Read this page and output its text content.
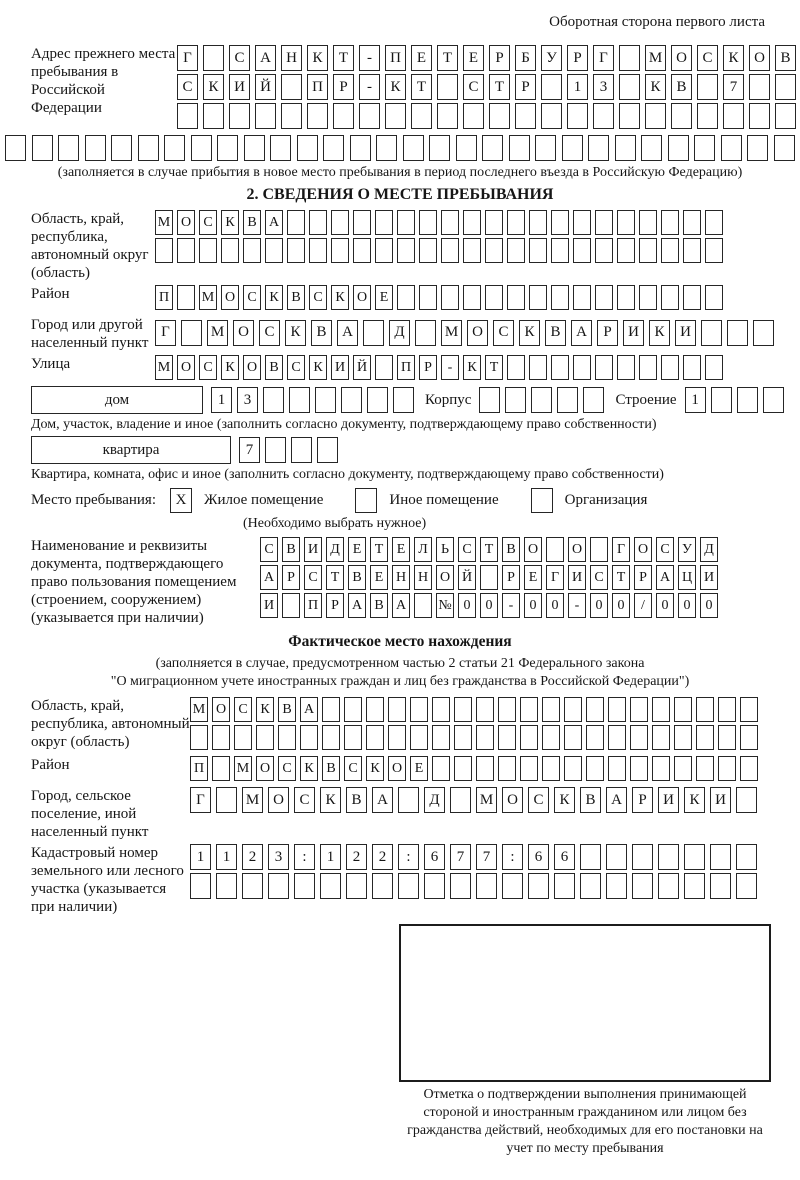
Оборотная сторона первого листа
Адрес прежнего места пребывания в Российской Федерации
Г	С	А	Н	К	Т	-	П	Е	Т	Е	Р	Б	У	Р	Г	М О	С	К	О	В
С	К	И	Й	П	Р	-	К	Т	С	Т	Р	1	3	К	В	7
(заполняется в случае прибытия в новое место пребывания в период последнего въезда в Российскую Федерацию)
2. СВЕДЕНИЯ О МЕСТЕ ПРЕБЫВАНИЯ
Область, край, республика, автономный округ (область)
М О С К В А
Район	П М О С К В С К О Е
Город или другой населенный пункт
Г	М О	С	К	В	А	Д	М О	С	К	В	А	Р	И	К	И
Улица	М О С К О В С К И Й П Р	-	К Т
дом	1	3	Корпус	Строение 1
Дом, участок, владение и иное (заполнить согласно документу, подтверждающему право собственности)
квартира	7
Квартира, комната, офис и иное (заполнить согласно документу, подтверждающему право собственности)
Место пребывания:	X	Жилое помещение	Иное помещение	Организация
(Необходимо выбрать нужное)
Наименование и реквизиты документа, подтверждающего право пользования помещением (строением, сооружением) (указывается при наличии)
С В И Д Е Т Е Л Ь С Т В О О	Г О С У Д
А Р С Т В Е Н Н О Й	Р Е Г И С Т Р А Ц И
И П Р А В А № 0	0	-	0	0	-	0	0	/	0	0	0
Фактическое место нахождения

(заполняется в случае, предусмотренном частью 2 статьи 21 Федерального закона

"О миграционном учете иностранных граждан и лиц без гражданства в Российской Федерации")

Область, край, республика, автономный округ (область)
М О С К В А
Район	П М О С К В С К О Е
Город, сельское поселение, иной населенный пункт
Г	М О	С	К	В	А	Д	М О	С	К	В	А	Р	И	К	И
Кадастровый номер земельного или лесного участка (указывается при наличии)
1	1	2	3	:	1	2	2	:	6	7	7	:	6	6
Отметка о подтверждении выполнения принимающей стороной и иностранным гражданином или лицом без гражданства действий, необходимых для его постановки на учет по месту пребывания
